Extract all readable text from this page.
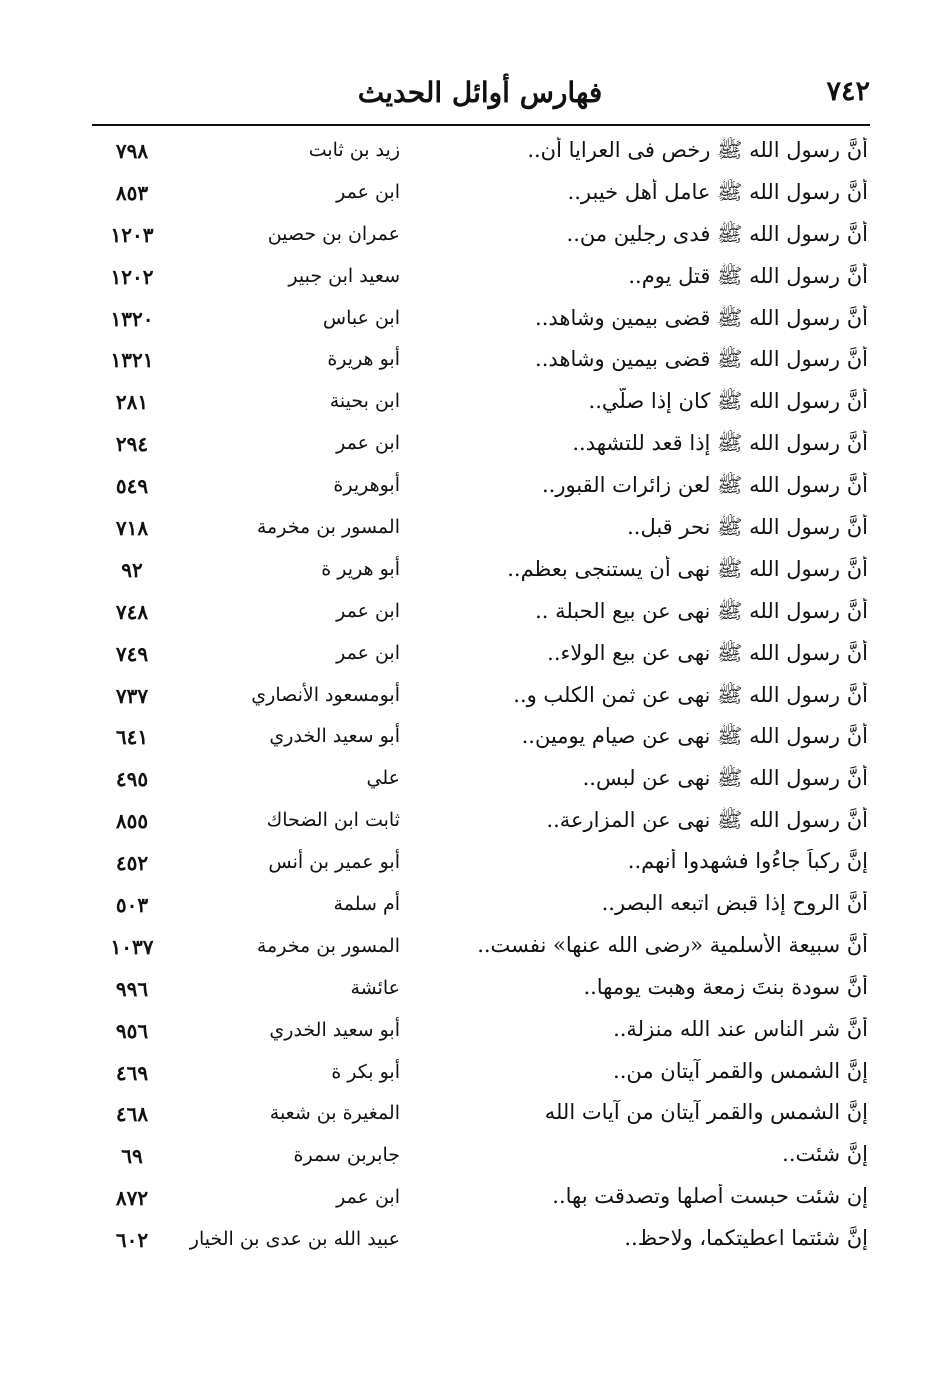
٧٤٢
فهارس أوائل الحديث
أنَّ رسول الله ﷺ رخص فى العرايا أن..
زيد بن ثابت
٧٩٨
أنَّ رسول الله ﷺ عامل أهل خيبر..
ابن عمر
٨٥٣
أنَّ رسول الله ﷺ فدى رجلين من..
عمران بن حصين
١٢٠٣
أنَّ رسول الله ﷺ قتل يوم..
سعيد ابن جبير
١٢٠٢
أنَّ رسول الله ﷺ قضى بيمين وشاهد..
ابن عباس
١٣٢٠
أنَّ رسول الله ﷺ قضى بيمين وشاهد..
أبو هريرة
١٣٢١
أنَّ رسول الله ﷺ كان إذا صلّي..
ابن بحينة
٢٨١
أنَّ رسول الله ﷺ إذا قعد للتشهد..
ابن عمر
٢٩٤
أنَّ رسول الله ﷺ لعن زائرات القبور..
أبوهريرة
٥٤٩
أنَّ رسول الله ﷺ نحر قبل..
المسور بن مخرمة
٧١٨
أنَّ رسول الله ﷺ نهى أن يستنجى بعظم..
أبو هرير ة
٩٢
أنَّ رسول الله ﷺ نهى عن بيع الحبلة ..
ابن عمر
٧٤٨
أنَّ رسول الله ﷺ نهى عن بيع الولاء..
ابن عمر
٧٤٩
أنَّ رسول الله ﷺ نهى عن ثمن الكلب و..
أبومسعود الأنصاري
٧٣٧
أنَّ رسول الله ﷺ نهى عن صيام يومين..
أبو سعيد الخدري
٦٤١
أنَّ رسول الله ﷺ نهى عن لبس..
علي
٤٩٥
أنَّ رسول الله ﷺ نهى عن المزارعة..
ثابت ابن الضحاك
٨٥٥
إنَّ ركباً جاءُوا فشهدوا أنهم..
أبو عمير بن أنس
٤٥٢
أنَّ الروح إذا قبض اتبعه البصر..
أم سلمة
٥٠٣
أنَّ سبيعة الأسلمية «رضى الله عنها» نفست..
المسور بن مخرمة
١٠٣٧
أنَّ سودة بنتَ زمعة وهبت يومها..
عائشة
٩٩٦
أنَّ شر الناس عند الله منزلة..
أبو سعيد الخدري
٩٥٦
إنَّ الشمس والقمر آيتان من..
أبو بكر ة
٤٦٩
إنَّ الشمس والقمر آيتان من آيات الله
المغيرة بن شعبة
٤٦٨
إنَّ شئت..
جابربن سمرة
٦٩
إن شئت حبست أصلها وتصدقت بها..
ابن عمر
٨٧٢
إنَّ شئتما اعطيتكما، ولاحظ..
عبيد الله بن عدى بن الخيار
٦٠٢
